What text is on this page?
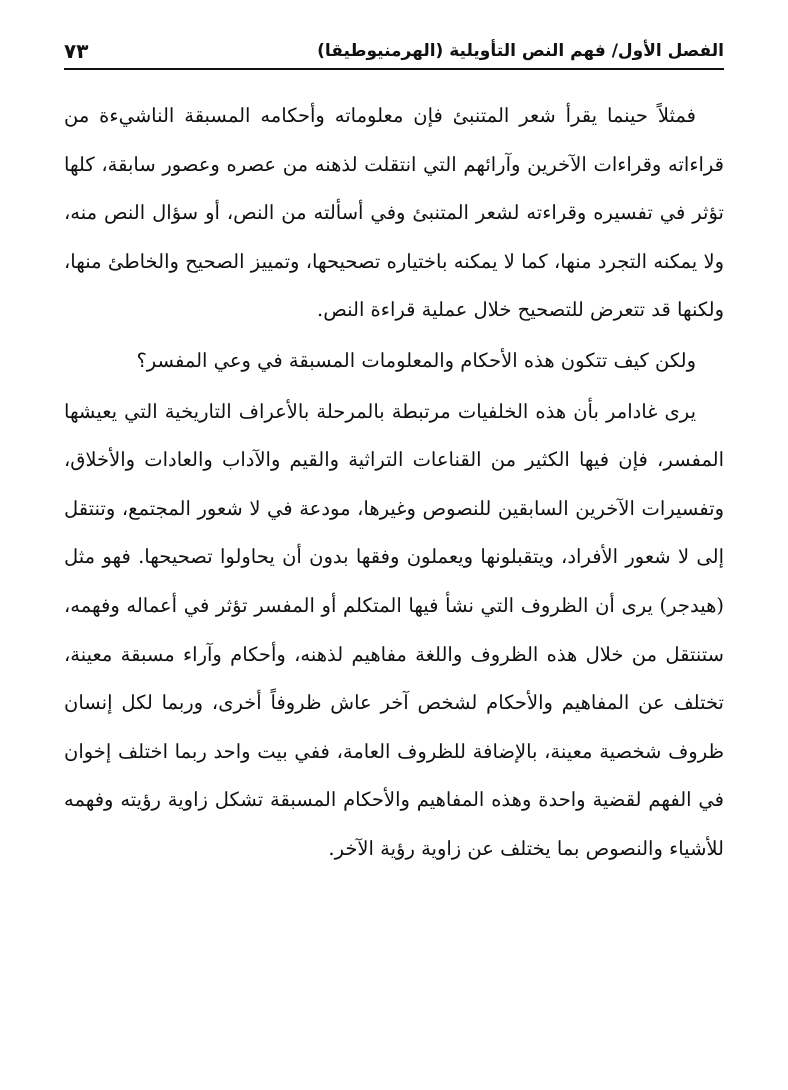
الفصل الأول/ فهم النص التأويلية (الهرمنيوطيقا)
٧٣

فمثلاً حينما يقرأ شعر المتنبئ فإن معلوماته وأحكامه المسبقة الناشيءة من قراءاته وقراءات الآخرين وآرائهم التي انتقلت لذهنه من عصره وعصور سابقة، كلها تؤثر في تفسيره وقراءته لشعر المتنبئ وفي أسألته من النص، أو سؤال النص منه، ولا يمكنه التجرد منها، كما لا يمكنه باختياره تصحيحها، وتمييز الصحيح والخاطئ منها، ولكنها قد تتعرض للتصحيح خلال عملية قراءة النص.

ولكن كيف تتكون هذه الأحكام والمعلومات المسبقة في وعي المفسر؟

يرى غادامر بأن هذه الخلفيات مرتبطة بالمرحلة بالأعراف التاريخية التي يعيشها المفسر، فإن فيها الكثير من القناعات التراثية والقيم والآداب والعادات والأخلاق، وتفسيرات الآخرين السابقين للنصوص وغيرها، مودعة في لا شعور المجتمع، وتنتقل إلى لا شعور الأفراد، ويتقبلونها ويعملون وفقها بدون أن يحاولوا تصحيحها. فهو مثل (هيدجر) يرى أن الظروف التي نشأ فيها المتكلم أو المفسر تؤثر في أعماله وفهمه، ستنتقل من خلال هذه الظروف واللغة مفاهيم لذهنه، وأحكام وآراء مسبقة معينة، تختلف عن المفاهيم والأحكام لشخص آخر عاش ظروفاً أخرى، وربما لكل إنسان ظروف شخصية معينة، بالإضافة للظروف العامة، ففي بيت واحد ربما اختلف إخوان في الفهم لقضية واحدة وهذه المفاهيم والأحكام المسبقة تشكل زاوية رؤيته وفهمه للأشياء والنصوص بما يختلف عن زاوية رؤية الآخر.
